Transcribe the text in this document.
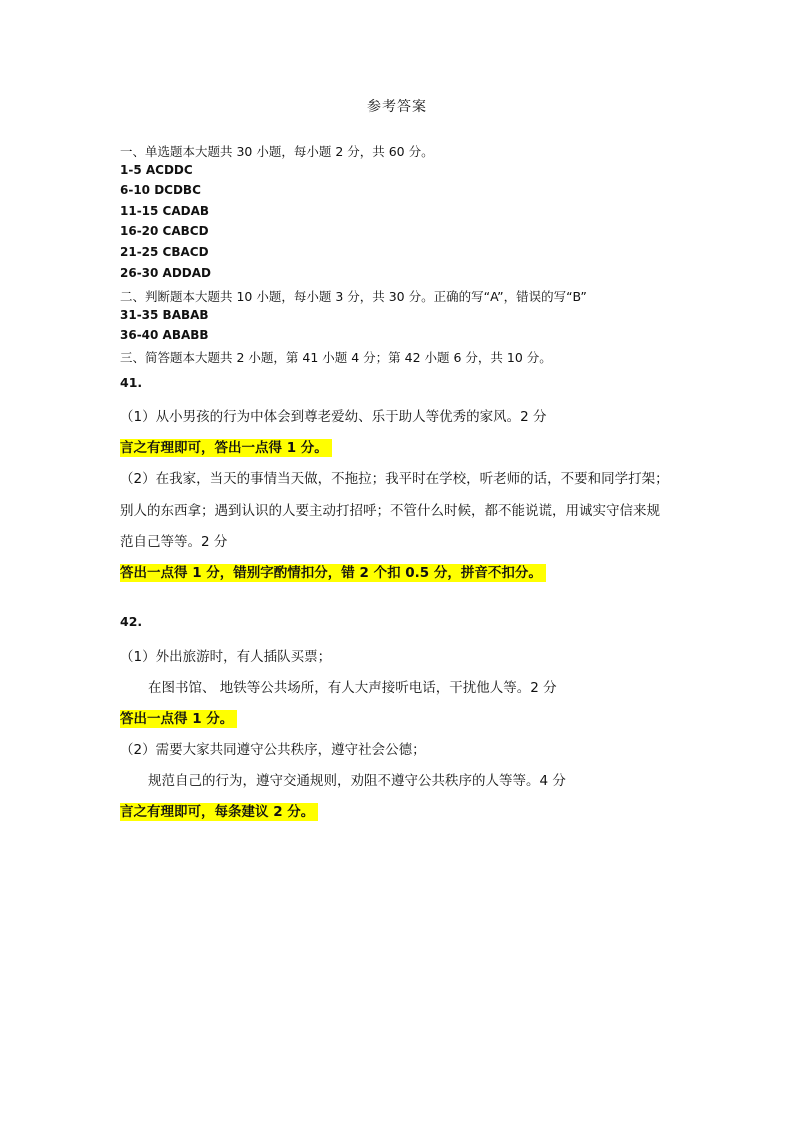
参考答案
一、单选题本大题共 30 小题，每小题 2 分，共 60 分。
1-5 ACDDC
6-10 DCDBC
11-15 CADAB
16-20 CABCD
21-25 CBACD
26-30 ADDAD
二、判断题本大题共 10 小题，每小题 3 分，共 30 分。正确的写“A”，错误的写“B”
31-35 BABAB
36-40 ABABB
三、简答题本大题共 2 小题，第 41 小题 4 分；第 42 小题 6 分，共 10 分。
41.
（1）从小男孩的行为中体会到尊老爱幼、乐于助人等优秀的家风。2 分
言之有理即可，答出一点得 1 分。
（2）在我家，当天的事情当天做，不拖拉；我平时在学校，听老师的话，不要和同学打架；
别人的东西拿；遇到认识的人要主动打招呼；不管什么时候，都不能说谎，用诚实守信来规
范自己等等。2 分
答出一点得 1 分，错别字酌情扣分，错 2 个扣 0.5 分，拼音不扣分。
42.
（1）外出旅游时，有人插队买票；
在图书馆、 地铁等公共场所，有人大声接听电话，干扰他人等。2 分
答出一点得 1 分。
（2）需要大家共同遵守公共秩序，遵守社会公德；
规范自己的行为，遵守交通规则，劝阻不遵守公共秩序的人等等。4 分
言之有理即可，每条建议 2 分。
